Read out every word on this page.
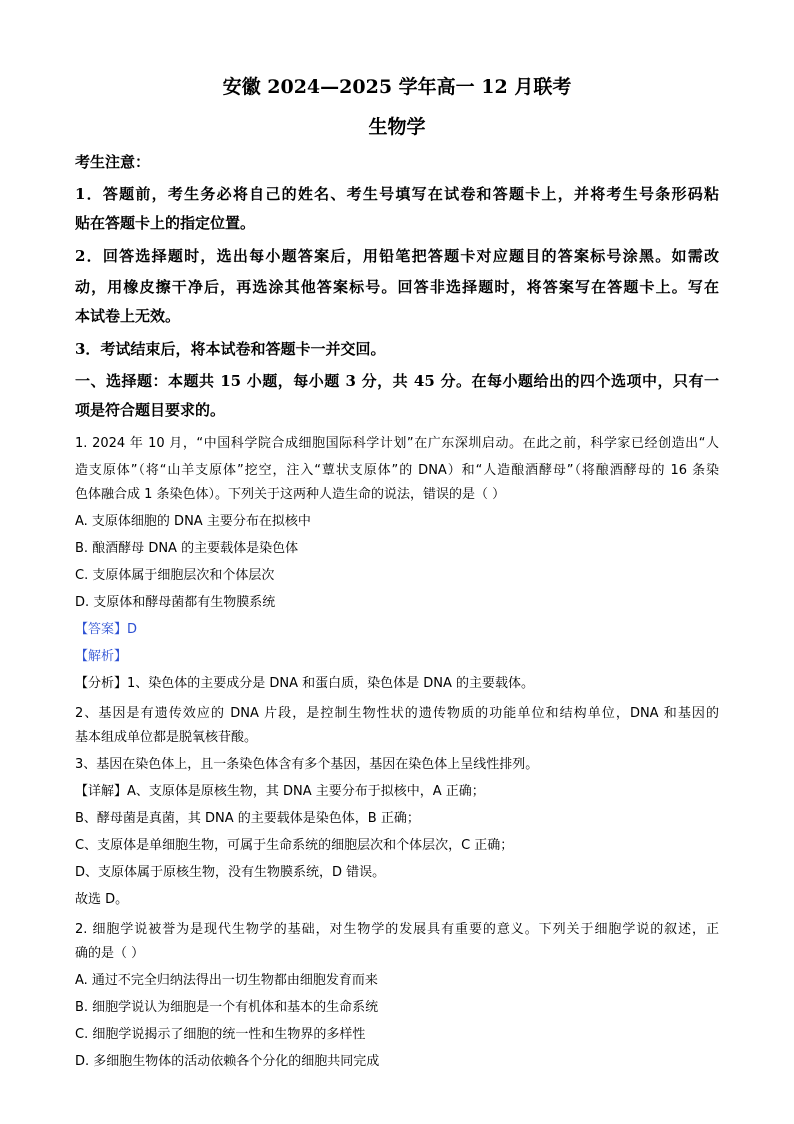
安徽 2024—2025 学年高一 12 月联考
生物学
考生注意：
1．答题前，考生务必将自己的姓名、考生号填写在试卷和答题卡上，并将考生号条形码粘
贴在答题卡上的指定位置。
2．回答选择题时，选出每小题答案后，用铅笔把答题卡对应题目的答案标号涂黑。如需改
动，用橡皮擦干净后，再选涂其他答案标号。回答非选择题时，将答案写在答题卡上。写在
本试卷上无效。
3．考试结束后，将本试卷和答题卡一并交回。
一、选择题：本题共 15 小题，每小题 3 分，共 45 分。在每小题给出的四个选项中，只有一
项是符合题目要求的。
1. 2024 年 10 月，“中国科学院合成细胞国际科学计划”在广东深圳启动。在此之前，科学家已经创造出“人
造支原体”（将“山羊支原体”挖空，注入“蕈状支原体”的 DNA）和“人造酿酒酵母”（将酿酒酵母的 16 条染
色体融合成 1 条染色体）。下列关于这两种人造生命的说法，错误的是（ ）
A. 支原体细胞的 DNA 主要分布在拟核中
B. 酿酒酵母 DNA 的主要载体是染色体
C. 支原体属于细胞层次和个体层次
D. 支原体和酵母菌都有生物膜系统
【答案】D
【解析】
【分析】1、染色体的主要成分是 DNA 和蛋白质，染色体是 DNA 的主要载体。
2、基因是有遗传效应的 DNA 片段，是控制生物性状的遗传物质的功能单位和结构单位，DNA 和基因的
基本组成单位都是脱氧核苷酸。
3、基因在染色体上，且一条染色体含有多个基因，基因在染色体上呈线性排列。
【详解】A、支原体是原核生物，其 DNA 主要分布于拟核中，A 正确；
B、酵母菌是真菌，其 DNA 的主要载体是染色体，B 正确；
C、支原体是单细胞生物，可属于生命系统的细胞层次和个体层次，C 正确；
D、支原体属于原核生物，没有生物膜系统，D 错误。
故选 D。
2. 细胞学说被誉为是现代生物学的基础，对生物学的发展具有重要的意义。下列关于细胞学说的叙述，正
确的是（ ）
A. 通过不完全归纳法得出一切生物都由细胞发育而来
B. 细胞学说认为细胞是一个有机体和基本的生命系统
C. 细胞学说揭示了细胞的统一性和生物界的多样性
D. 多细胞生物体的活动依赖各个分化的细胞共同完成
